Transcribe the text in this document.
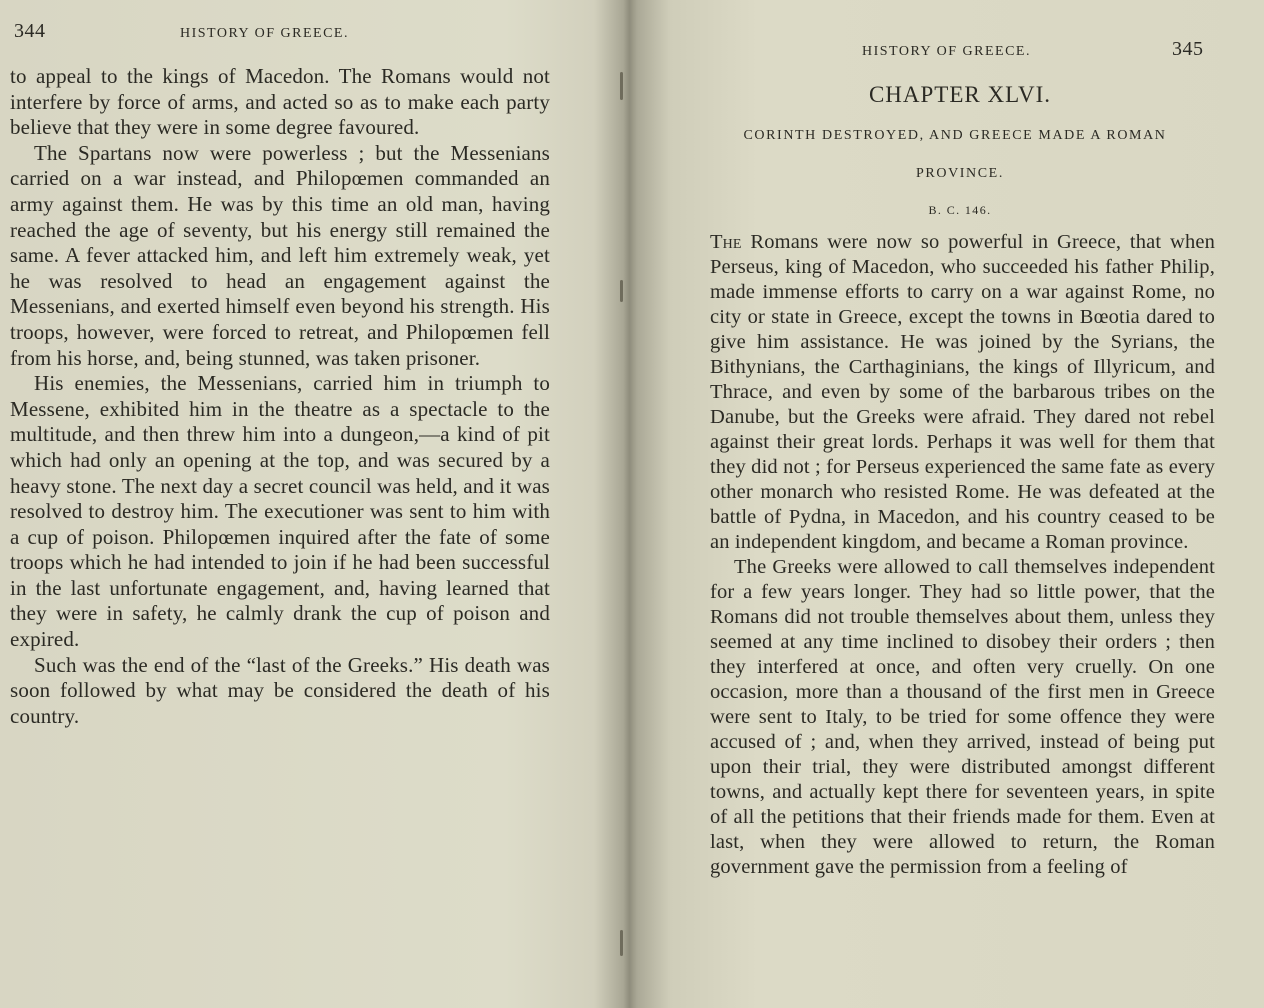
344	HISTORY OF GREECE.

to appeal to the kings of Macedon. The Romans would not interfere by force of arms, and acted so as to make each party believe that they were in some degree favoured.

The Spartans now were powerless ; but the Messenians carried on a war instead, and Philopœmen commanded an army against them. He was by this time an old man, having reached the age of seventy, but his energy still remained the same. A fever attacked him, and left him extremely weak, yet he was resolved to head an engagement against the Messenians, and exerted himself even beyond his strength. His troops, however, were forced to retreat, and Philopœmen fell from his horse, and, being stunned, was taken prisoner.

His enemies, the Messenians, carried him in triumph to Messene, exhibited him in the theatre as a spectacle to the multitude, and then threw him into a dungeon,—a kind of pit which had only an opening at the top, and was secured by a heavy stone. The next day a secret council was held, and it was resolved to destroy him. The executioner was sent to him with a cup of poison. Philopœmen inquired after the fate of some troops which he had intended to join if he had been successful in the last unfortunate engagement, and, having learned that they were in safety, he calmly drank the cup of poison and expired.

Such was the end of the “last of the Greeks.” His death was soon followed by what may be considered the death of his country.

HISTORY OF GREECE.	345
CHAPTER XLVI.
CORINTH DESTROYED, AND GREECE MADE A ROMAN
PROVINCE.
B. C. 146.

The Romans were now so powerful in Greece, that when Perseus, king of Macedon, who succeeded his father Philip, made immense efforts to carry on a war against Rome, no city or state in Greece, except the towns in Bœotia dared to give him assistance. He was joined by the Syrians, the Bithynians, the Carthaginians, the kings of Illyricum, and Thrace, and even by some of the barbarous tribes on the Danube, but the Greeks were afraid. They dared not rebel against their great lords. Perhaps it was well for them that they did not ; for Perseus experienced the same fate as every other monarch who resisted Rome. He was defeated at the battle of Pydna, in Macedon, and his country ceased to be an independent kingdom, and became a Roman province.

The Greeks were allowed to call themselves independent for a few years longer. They had so little power, that the Romans did not trouble themselves about them, unless they seemed at any time inclined to disobey their orders ; then they interfered at once, and often very cruelly. On one occasion, more than a thousand of the first men in Greece were sent to Italy, to be tried for some offence they were accused of ; and, when they arrived, instead of being put upon their trial, they were distributed amongst different towns, and actually kept there for seventeen years, in spite of all the petitions that their friends made for them. Even at last, when they were allowed to return, the Roman government gave the permission from a feeling of
